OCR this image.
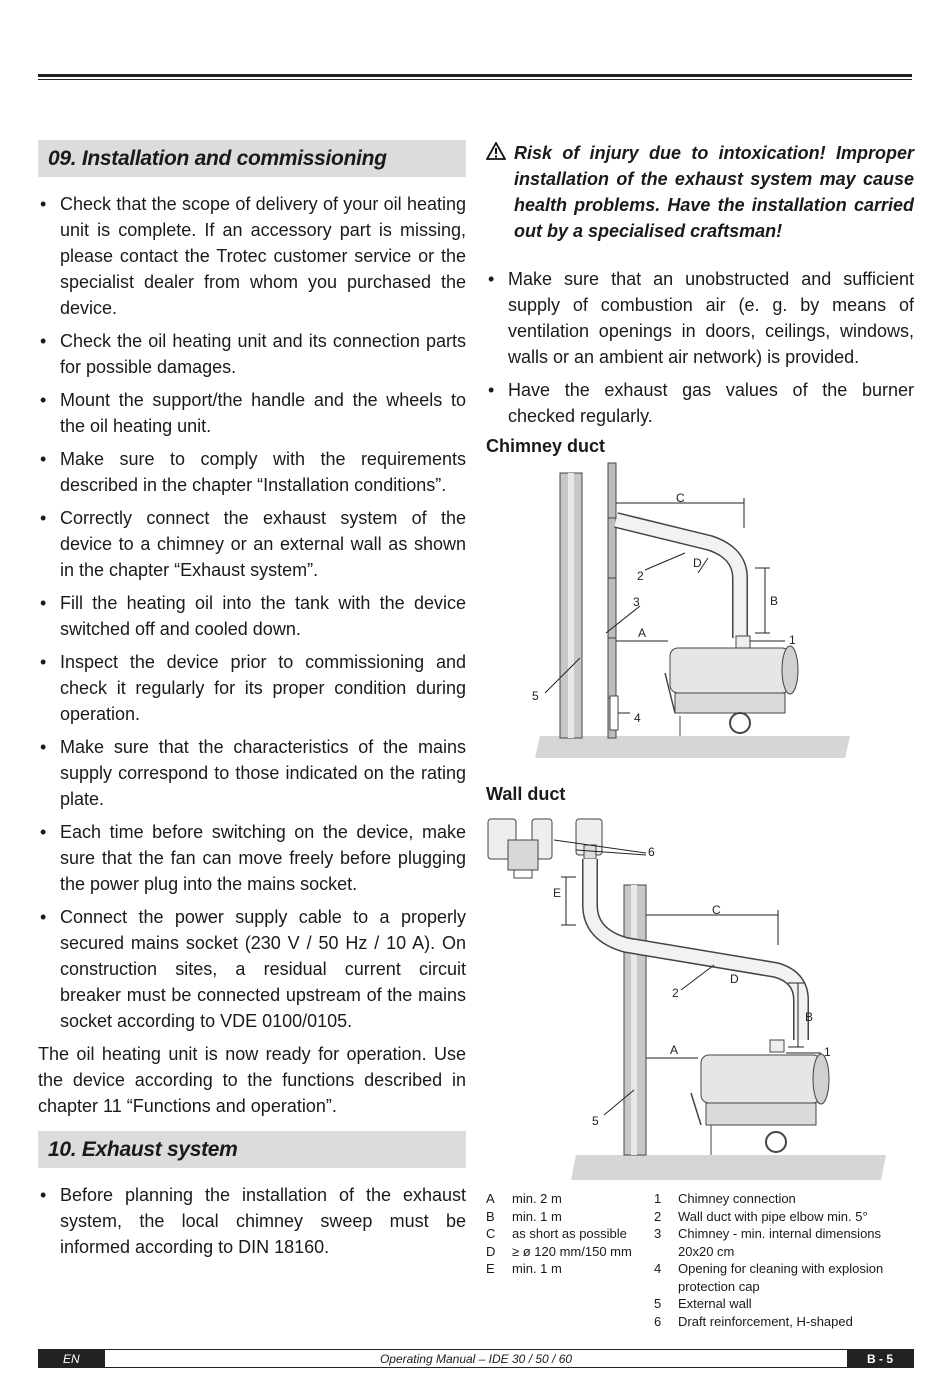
09. Installation and commissioning
• Check that the scope of delivery of your oil heating unit is complete. If an accessory part is missing, please contact the Trotec customer service or the specialist dealer from whom you purchased the device.
• Check the oil heating unit and its connection parts for possible damages.
• Mount the support/the handle and the wheels to the oil heating unit.
• Make sure to comply with the requirements described in the chapter “Installation conditions”.
• Correctly connect the exhaust system of the device to a chimney or an external wall as shown in the chapter “Exhaust system”.
• Fill the heating oil into the tank with the device switched off and cooled down.
• Inspect the device prior to commissioning and check it regularly for its proper condition during operation.
• Make sure that the characteristics of the mains supply correspond to those indicated on the rating plate.
• Each time before switching on the device, make sure that the fan can move freely before plugging the power plug into the mains socket.
• Connect the power supply cable to a properly secured mains socket (230 V / 50 Hz / 10 A). On construction sites, a residual current circuit breaker must be connected upstream of the mains socket according to VDE 0100/0105.

The oil heating unit is now ready for operation. Use the device according to the functions described in chapter 11 “Functions and operation”.

10. Exhaust system
• Before planning the installation of the exhaust system, the local chimney sweep must be informed according to DIN 18160.
Risk of injury due to intoxication! Improper installation of the exhaust system may cause health problems. Have the installation carried out by a specialised craftsman!
• Make sure that an unobstructed and sufficient supply of combustion air (e. g. by means of ventilation openings in doors, ceilings, windows, walls or an ambient air network) is provided.
• Have the exhaust gas values of the burner checked regularly.

Chimney duct

C
D
2
3	B
A	1
5
4

Wall duct

6
E
C
D
2
B
A	1
5
A	min. 2 m
B	min. 1 m
C	as short as possible
D	≥ ø 120 mm/150 mm
E	min. 1 m
1	Chimney connection
2	Wall duct with pipe elbow min. 5°
3	Chimney - min. internal dimensions 20x20 cm
4	Opening for cleaning with explosion protection cap
5	External wall
6	Draft reinforcement, H-shaped
EN	Operating Manual – IDE 30 / 50 / 60	B - 5
